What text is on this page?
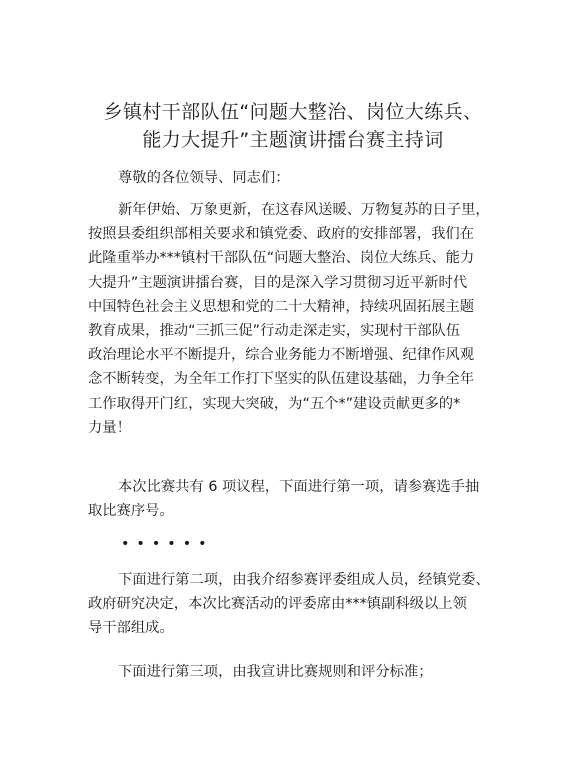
乡镇村干部队伍“问题大整治、岗位大练兵、
能力大提升”主题演讲擂台赛主持词
尊敬的各位领导、同志们：
新年伊始、万象更新，在这春风送暖、万物复苏的日子里，
按照县委组织部相关要求和镇党委、政府的安排部署，我们在
此隆重举办***镇村干部队伍“问题大整治、岗位大练兵、能力
大提升”主题演讲擂台赛，目的是深入学习贯彻习近平新时代
中国特色社会主义思想和党的二十大精神，持续巩固拓展主题
教育成果，推动“三抓三促”行动走深走实，实现村干部队伍
政治理论水平不断提升，综合业务能力不断增强、纪律作风观
念不断转变，为全年工作打下坚实的队伍建设基础，力争全年
工作取得开门红，实现大突破，为“五个*”建设贡献更多的*
力量！
本次比赛共有 6 项议程，下面进行第一项，请参赛选手抽
取比赛序号。
••••••
下面进行第二项，由我介绍参赛评委组成人员，经镇党委、
政府研究决定，本次比赛活动的评委席由***镇副科级以上领
导干部组成。
下面进行第三项，由我宣讲比赛规则和评分标准；
